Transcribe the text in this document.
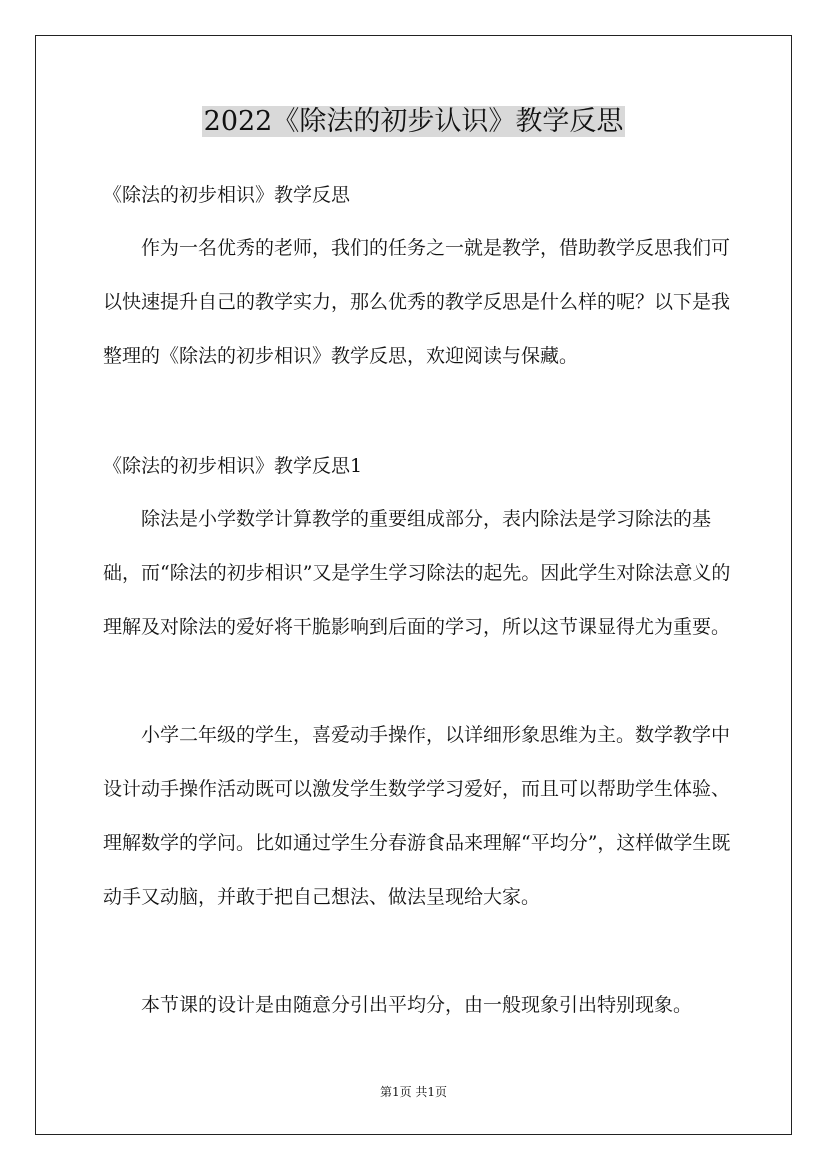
2022《除法的初步认识》教学反思

《除法的初步相识》教学反思

作为一名优秀的老师，我们的任务之一就是教学，借助教学反思我们可以快速提升自己的教学实力，那么优秀的教学反思是什么样的呢？以下是我整理的《除法的初步相识》教学反思，欢迎阅读与保藏。

《除法的初步相识》教学反思1

除法是小学数学计算教学的重要组成部分，表内除法是学习除法的基础，而“除法的初步相识”又是学生学习除法的起先。因此学生对除法意义的理解及对除法的爱好将干脆影响到后面的学习，所以这节课显得尤为重要。

小学二年级的学生，喜爱动手操作，以详细形象思维为主。数学教学中设计动手操作活动既可以激发学生数学学习爱好，而且可以帮助学生体验、理解数学的学问。比如通过学生分春游食品来理解“平均分”，这样做学生既动手又动脑，并敢于把自己想法、做法呈现给大家。

本节课的设计是由随意分引出平均分，由一般现象引出特别现象。

第1页 共1页
